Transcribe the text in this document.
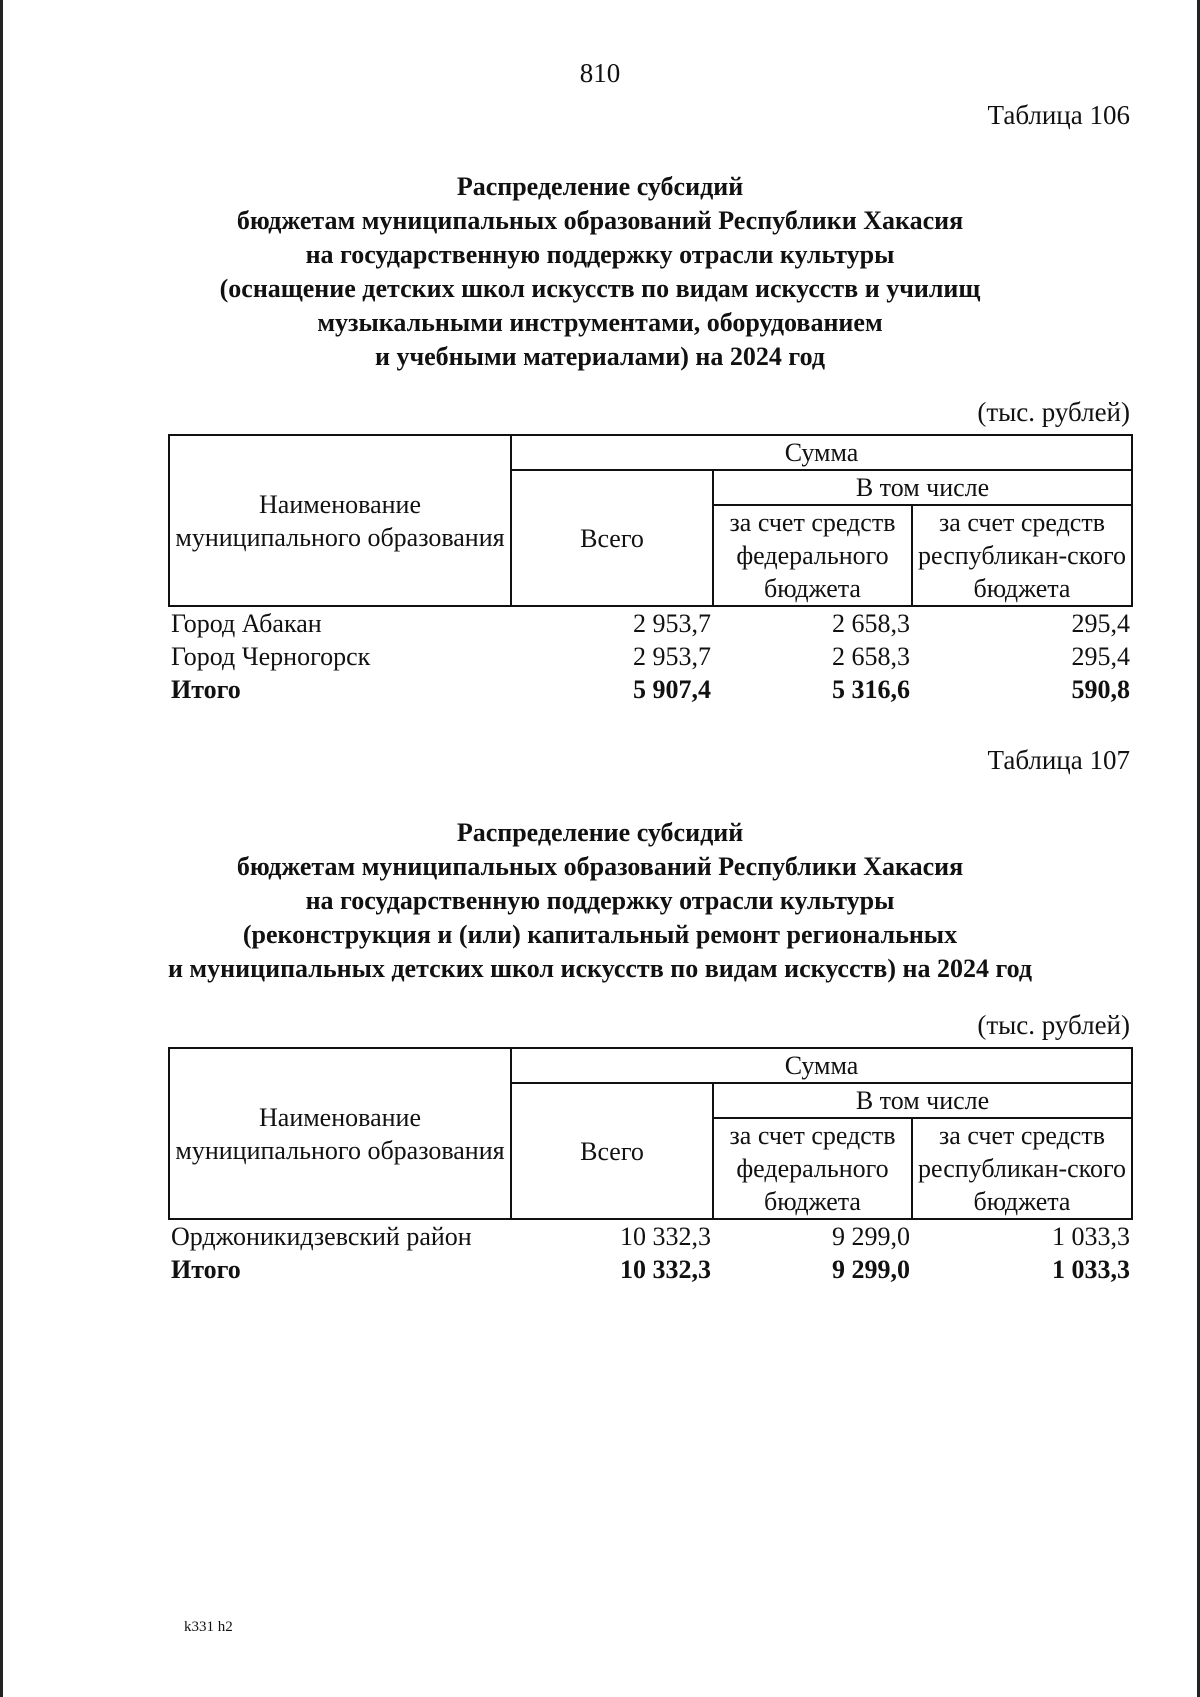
810
Таблица 106
Распределение субсидий
бюджетам муниципальных образований Республики Хакасия
на государственную поддержку отрасли культуры
(оснащение детских школ искусств по видам искусств и училищ
музыкальными инструментами, оборудованием
и учебными материалами) на 2024 год
(тыс. рублей)
Наименование муниципального образования	Сумма		
	Всего	В том числе	
		за счет средств федерального бюджета	за счет средств республикан-ского бюджета
Город Абакан	2 953,7	2 658,3	295,4
Город Черногорск	2 953,7	2 658,3	295,4
Итого	5 907,4	5 316,6	590,8
Таблица 107
Распределение субсидий
бюджетам муниципальных образований Республики Хакасия
на государственную поддержку отрасли культуры
(реконструкция и (или) капитальный ремонт региональных
и муниципальных детских школ искусств по видам искусств) на 2024 год
(тыс. рублей)
Наименование муниципального образования	Сумма		
	Всего	В том числе	
		за счет средств федерального бюджета	за счет средств республикан-ского бюджета
Орджоникидзевский район	10 332,3	9 299,0	1 033,3
Итого	10 332,3	9 299,0	1 033,3
k331 h2
